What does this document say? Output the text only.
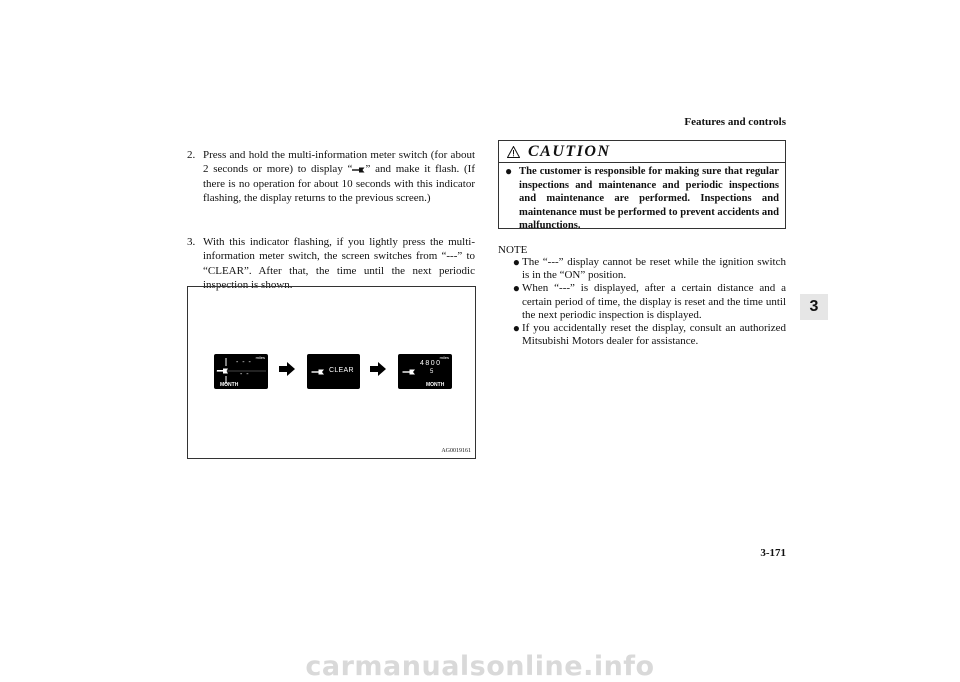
Features and controls
3
2. Press and hold the multi-information meter switch (for about 2 seconds or more) to display “ ” and make it flash. (If there is no operation for about 10 seconds with this indicator flashing, the display returns to the previous screen.)
3. With this indicator flashing, if you lightly press the multi-information meter switch, the screen switches from “---” to “CLEAR”. After that, the time until the next periodic inspection is shown.
miles
- - -
- -
MONTH
CLEAR
miles
4800
5
MONTH
AG0019161
CAUTION
● The customer is responsible for making sure that regular inspections and maintenance and periodic inspections and maintenance are performed. Inspections and maintenance must be performed to prevent accidents and malfunctions.
NOTE
● The “---” display cannot be reset while the ignition switch is in the “ON” position.
● When “---” is displayed, after a certain distance and a certain period of time, the display is reset and the time until the next periodic inspection is displayed.
● If you accidentally reset the display, consult an authorized Mitsubishi Motors dealer for assistance.
3-171
carmanualsonline.info
